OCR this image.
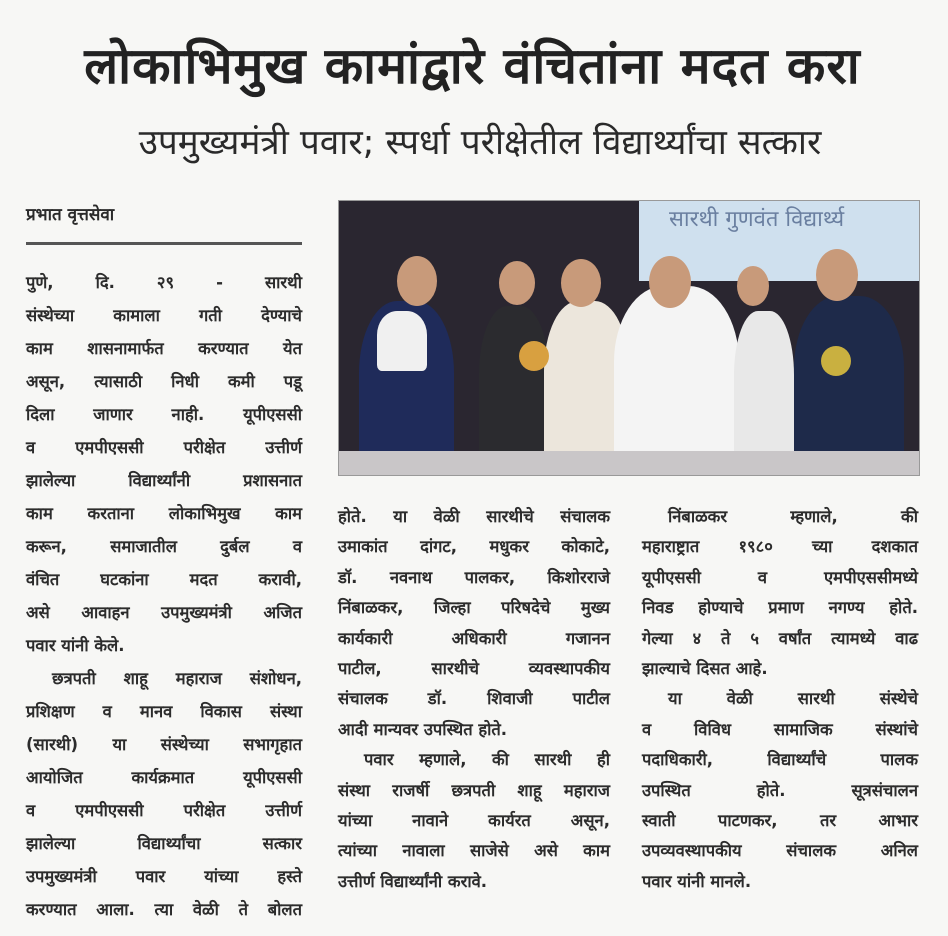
लोकाभिमुख कामांद्वारे वंचितांना मदत करा
उपमुख्यमंत्री पवार; स्पर्धा परीक्षेतील विद्यार्थ्यांचा सत्कार
प्रभात वृत्तसेवा	सारथी गुणवंत विद्यार्थ्य
पुणे, दि. २९ - सारथी
संस्थेच्या कामाला गती देण्याचे
काम शासनामार्फत करण्यात येत
असून, त्यासाठी निधी कमी पडू
दिला जाणार नाही. यूपीएससी
व एमपीएससी परीक्षेत उत्तीर्ण
झालेल्या विद्यार्थ्यांनी प्रशासनात
काम करताना लोकाभिमुख काम
करून, समाजातील दुर्बल व
वंचित घटकांना मदत करावी,
असे आवाहन उपमुख्यमंत्री अजित
पवार यांनी केले.
छत्रपती शाहू महाराज संशोधन,
प्रशिक्षण व मानव विकास संस्था
(सारथी) या संस्थेच्या सभागृहात
आयोजित कार्यक्रमात यूपीएससी
व एमपीएससी परीक्षेत उत्तीर्ण
झालेल्या विद्यार्थ्यांचा सत्कार
उपमुख्यमंत्री पवार यांच्या हस्ते
करण्यात आला. त्या वेळी ते बोलत
होते. या वेळी सारथीचे संचालक
उमाकांत दांगट, मधुकर कोकाटे,
डॉ. नवनाथ पालकर, किशोरराजे
निंबाळकर, जिल्हा परिषदेचे मुख्य
कार्यकारी अधिकारी गजानन
पाटील, सारथीचे व्यवस्थापकीय
संचालक डॉ. शिवाजी पाटील
आदी मान्यवर उपस्थित होते.
पवार म्हणाले, की सारथी ही
संस्था राजर्षी छत्रपती शाहू महाराज
यांच्या नावाने कार्यरत असून,
त्यांच्या नावाला साजेसे असे काम
उत्तीर्ण विद्यार्थ्यांनी करावे.
निंबाळकर म्हणाले, की
महाराष्ट्रात १९८० च्या दशकात
यूपीएससी व एमपीएससीमध्ये
निवड होण्याचे प्रमाण नगण्य होते.
गेल्या ४ ते ५ वर्षांत त्यामध्ये वाढ
झाल्याचे दिसत आहे.
या वेळी सारथी संस्थेचे
व विविध सामाजिक संस्थांचे
पदाधिकारी, विद्यार्थ्यांचे पालक
उपस्थित होते. सूत्रसंचालन
स्वाती पाटणकर, तर आभार
उपव्यवस्थापकीय संचालक अनिल
पवार यांनी मानले.
